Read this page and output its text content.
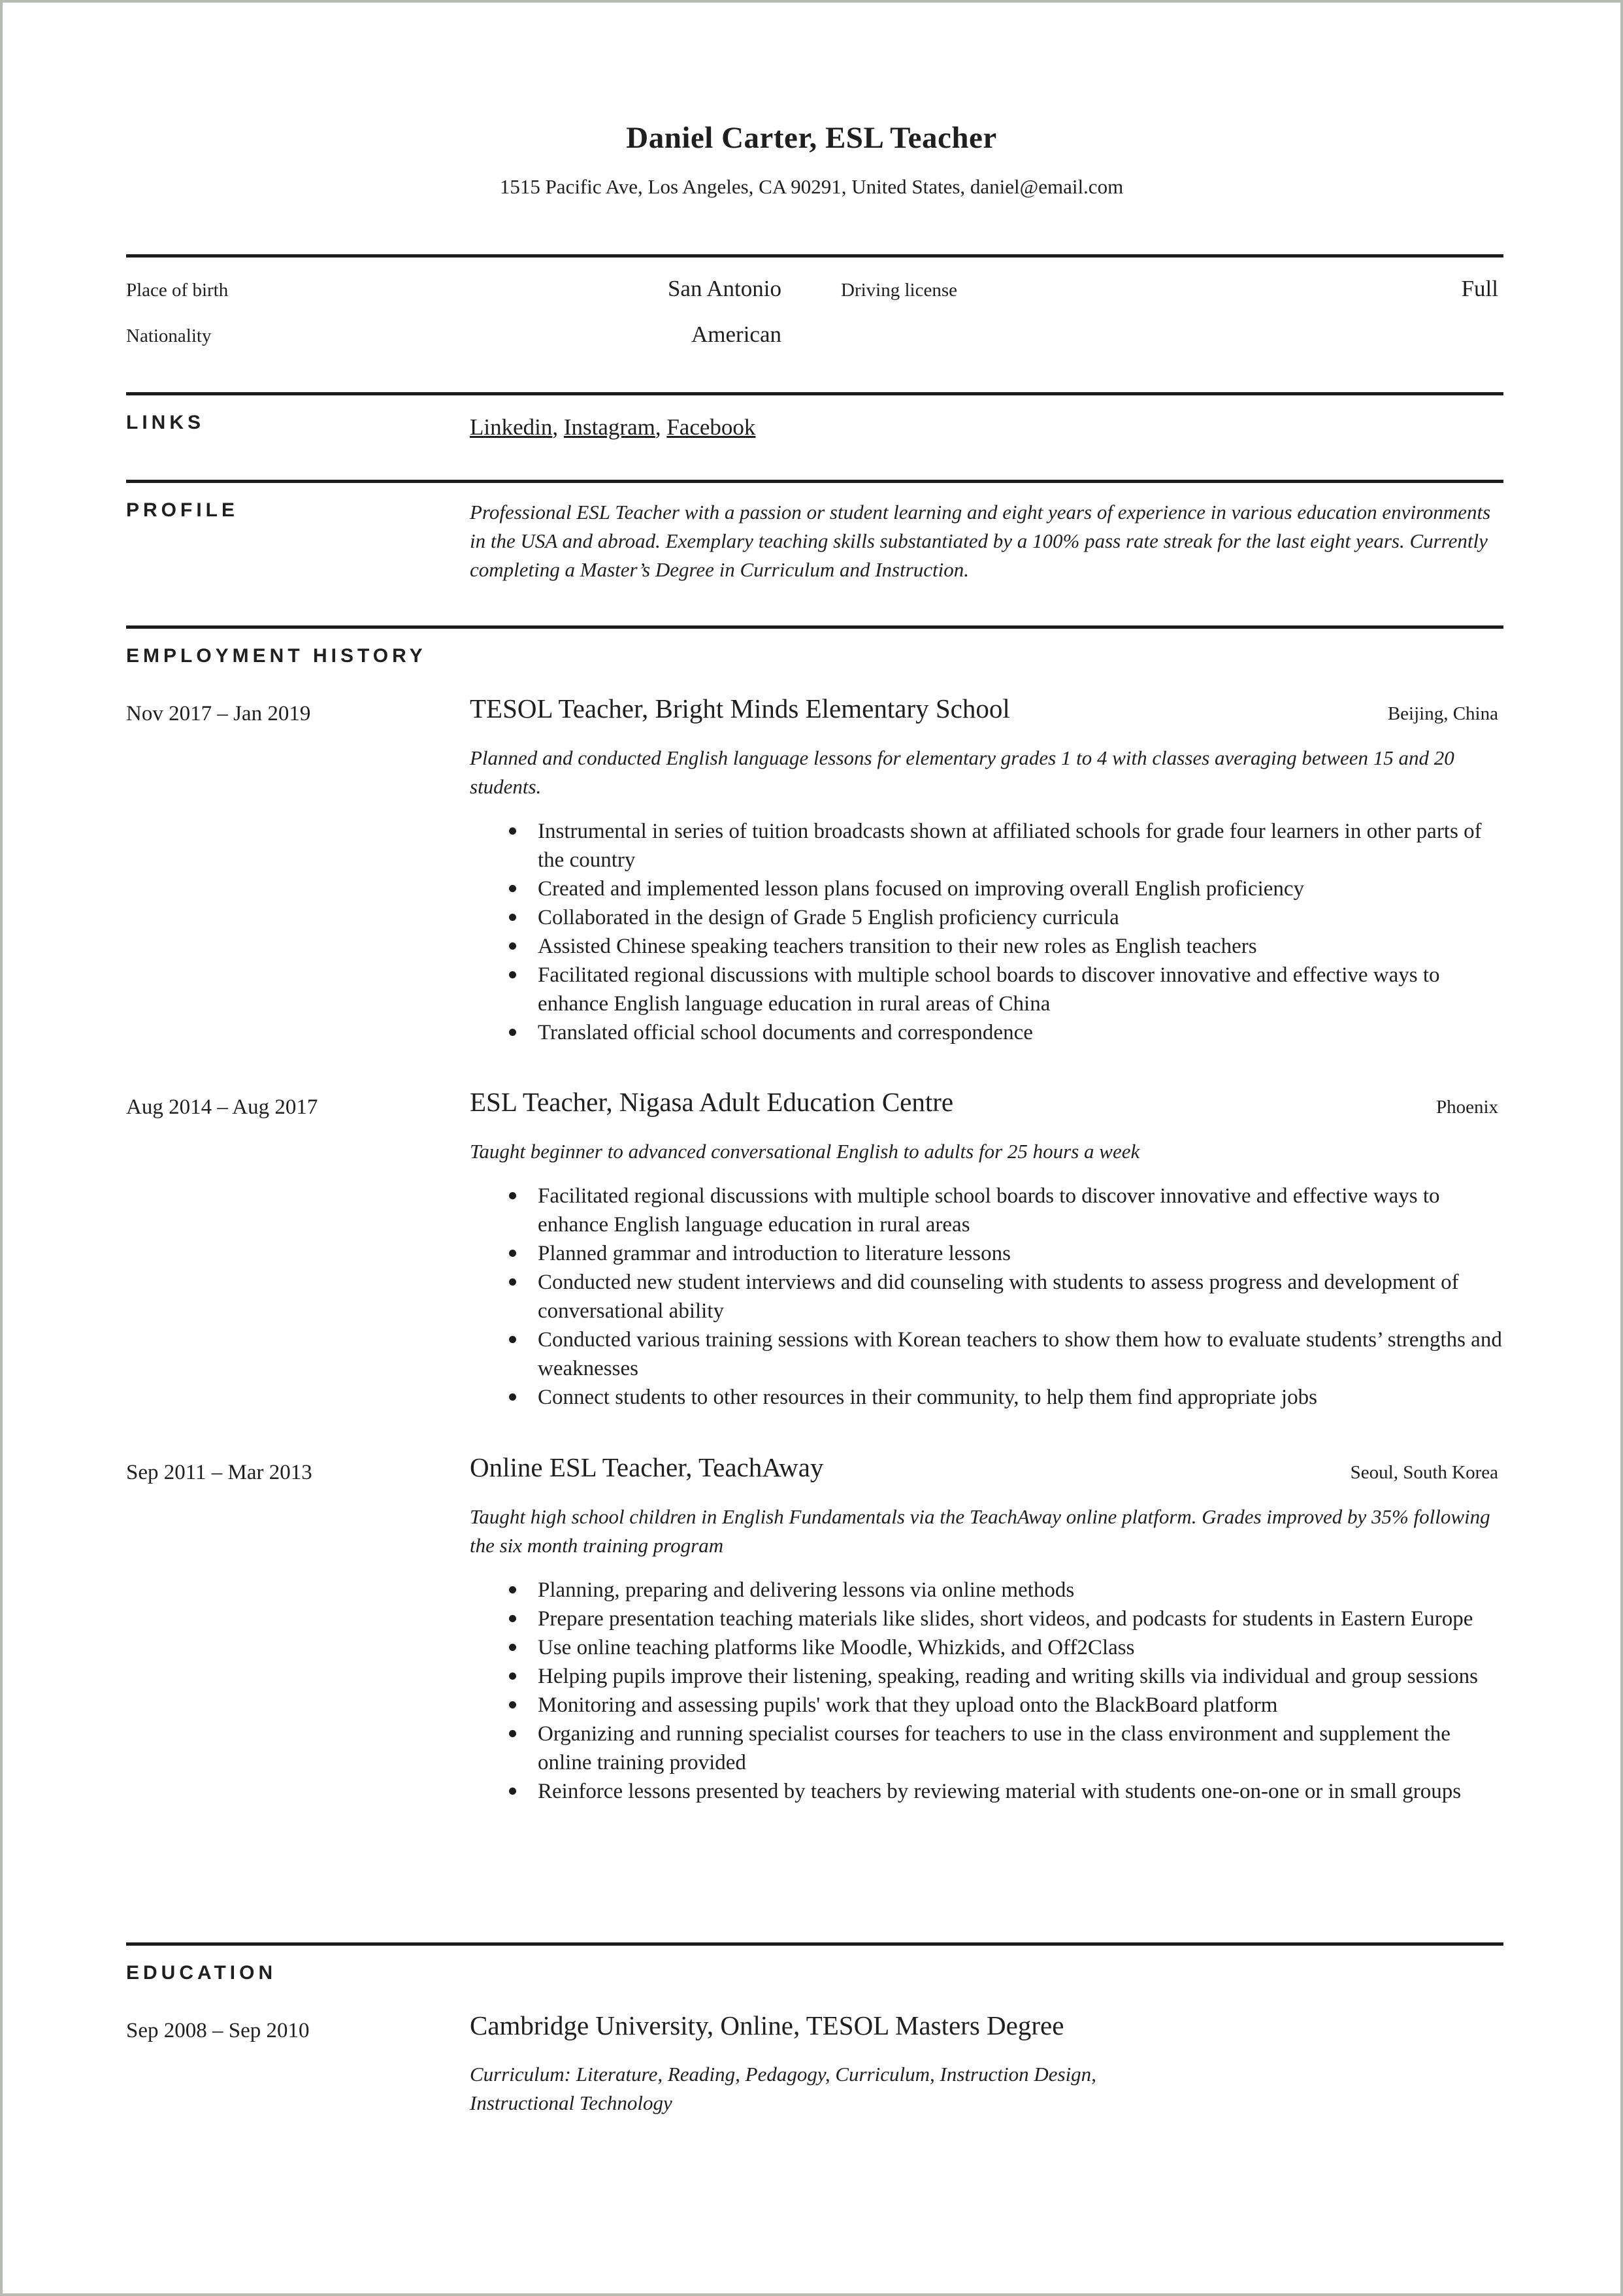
Daniel Carter, ESL Teacher
1515 Pacific Ave, Los Angeles, CA 90291, United States, daniel@email.com
Place of birth	San Antonio	Driving license	Full
Nationality	American
LINKS	Linkedin, Instagram, Facebook
PROFILE	Professional ESL Teacher with a passion or student learning and eight years of experience in various education environments in the USA and abroad. Exemplary teaching skills substantiated by a 100% pass rate streak for the last eight years. Currently completing a Master’s Degree in Curriculum and Instruction.
EMPLOYMENT HISTORY
Nov 2017 – Jan 2019	TESOL Teacher, Bright Minds Elementary School	Beijing, China
Planned and conducted English language lessons for elementary grades 1 to 4 with classes averaging between 15 and 20 students.
Instrumental in series of tuition broadcasts shown at affiliated schools for grade four learners in other parts of the country
Created and implemented lesson plans focused on improving overall English proficiency
Collaborated in the design of Grade 5 English proficiency curricula
Assisted Chinese speaking teachers transition to their new roles as English teachers
Facilitated regional discussions with multiple school boards to discover innovative and effective ways to enhance English language education in rural areas of China
Translated official school documents and correspondence
Aug 2014 – Aug 2017	ESL Teacher, Nigasa Adult Education Centre	Phoenix
Taught beginner to advanced conversational English to adults for 25 hours a week
Facilitated regional discussions with multiple school boards to discover innovative and effective ways to enhance English language education in rural areas
Planned grammar and introduction to literature lessons
Conducted new student interviews and did counseling with students to assess progress and development of conversational ability
Conducted various training sessions with Korean teachers to show them how to evaluate students’ strengths and weaknesses
Connect students to other resources in their community, to help them find appropriate jobs
Sep 2011 – Mar 2013	Online ESL Teacher, TeachAway	Seoul, South Korea
Taught high school children in English Fundamentals via the TeachAway online platform. Grades improved by 35% following the six month training program
Planning, preparing and delivering lessons via online methods
Prepare presentation teaching materials like slides, short videos, and podcasts for students in Eastern Europe
Use online teaching platforms like Moodle, Whizkids, and Off2Class
Helping pupils improve their listening, speaking, reading and writing skills via individual and group sessions
Monitoring and assessing pupils' work that they upload onto the BlackBoard platform
Organizing and running specialist courses for teachers to use in the class environment and supplement the online training provided
Reinforce lessons presented by teachers by reviewing material with students one-on-one or in small groups
EDUCATION
Sep 2008 – Sep 2010	Cambridge University, Online, TESOL Masters Degree
Curriculum: Literature, Reading, Pedagogy, Curriculum, Instruction Design, Instructional Technology
